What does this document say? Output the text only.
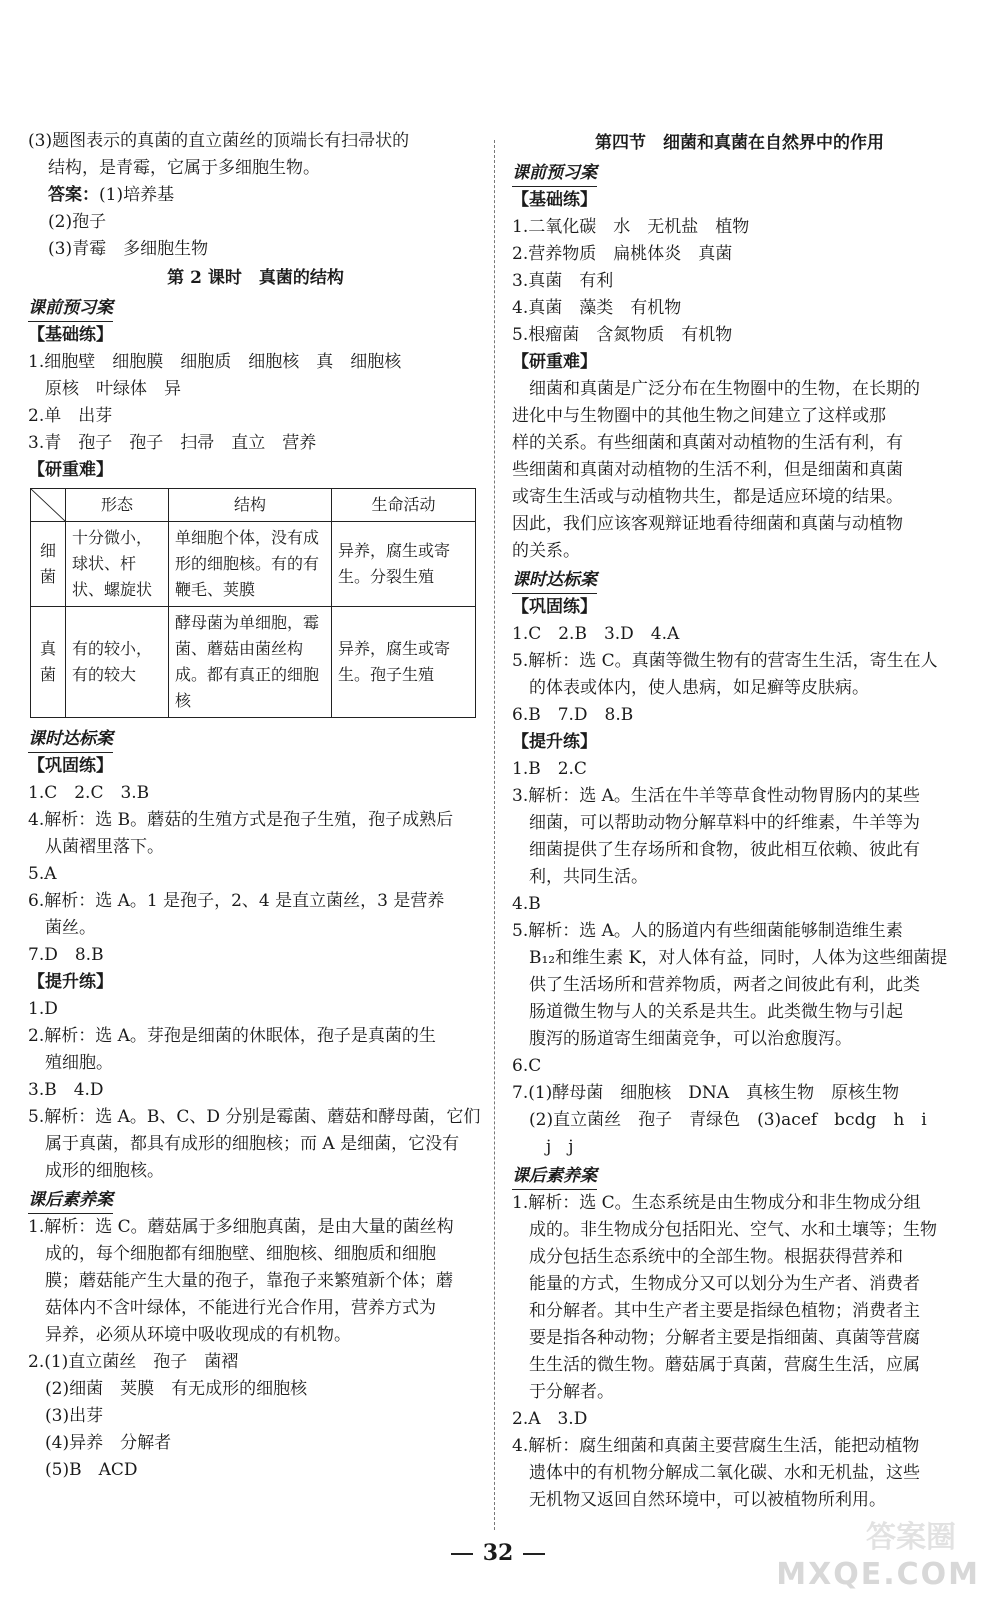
(3)题图表示的真菌的直立菌丝的顶端长有扫帚状的
结构，是青霉，它属于多细胞生物。
答案：(1)培养基
(2)孢子
(3)青霉　多细胞生物
第 2 课时　真菌的结构
课前预习案
【基础练】
1.细胞壁　细胞膜　细胞质　细胞核　真　细胞核
　原核　叶绿体　异
2.单　出芽
3.青　孢子　孢子　扫帚　直立　营养
【研重难】
	形态	结构	生命活动
细菌	十分微小，球状、杆状、螺旋状	单细胞个体，没有成形的细胞核。有的有鞭毛、荚膜	异养，腐生或寄生。分裂生殖
真菌	有的较小，有的较大	酵母菌为单细胞，霉菌、蘑菇由菌丝构成。都有真正的细胞核	异养，腐生或寄生。孢子生殖
课时达标案
【巩固练】
1.C　2.C　3.B
4.解析：选 B。蘑菇的生殖方式是孢子生殖，孢子成熟后
　从菌褶里落下。
5.A
6.解析：选 A。1 是孢子，2、4 是直立菌丝，3 是营养
　菌丝。
7.D　8.B
【提升练】
1.D
2.解析：选 A。芽孢是细菌的休眠体，孢子是真菌的生
　殖细胞。
3.B　4.D
5.解析：选 A。B、C、D 分别是霉菌、蘑菇和酵母菌，它们
　属于真菌，都具有成形的细胞核；而 A 是细菌，它没有
　成形的细胞核。
课后素养案
1.解析：选 C。蘑菇属于多细胞真菌，是由大量的菌丝构
　成的，每个细胞都有细胞壁、细胞核、细胞质和细胞
　膜；蘑菇能产生大量的孢子，靠孢子来繁殖新个体；蘑
　菇体内不含叶绿体，不能进行光合作用，营养方式为
　异养，必须从环境中吸收现成的有机物。
2.(1)直立菌丝　孢子　菌褶
　(2)细菌　荚膜　有无成形的细胞核
　(3)出芽
　(4)异养　分解者
　(5)B　ACD
第四节　细菌和真菌在自然界中的作用
课前预习案
【基础练】
1.二氧化碳　水　无机盐　植物
2.营养物质　扁桃体炎　真菌
3.真菌　有利
4.真菌　藻类　有机物
5.根瘤菌　含氮物质　有机物
【研重难】
　细菌和真菌是广泛分布在生物圈中的生物，在长期的
进化中与生物圈中的其他生物之间建立了这样或那
样的关系。有些细菌和真菌对动植物的生活有利，有
些细菌和真菌对动植物的生活不利，但是细菌和真菌
或寄生生活或与动植物共生，都是适应环境的结果。
因此，我们应该客观辩证地看待细菌和真菌与动植物
的关系。
课时达标案
【巩固练】
1.C　2.B　3.D　4.A
5.解析：选 C。真菌等微生物有的营寄生生活，寄生在人
　的体表或体内，使人患病，如足癣等皮肤病。
6.B　7.D　8.B
【提升练】
1.B　2.C
3.解析：选 A。生活在牛羊等草食性动物胃肠内的某些
　细菌，可以帮助动物分解草料中的纤维素，牛羊等为
　细菌提供了生存场所和食物，彼此相互依赖、彼此有
　利，共同生活。
4.B
5.解析：选 A。人的肠道内有些细菌能够制造维生素
　B₁₂和维生素 K，对人体有益，同时，人体为这些细菌提
　供了生活场所和营养物质，两者之间彼此有利，此类
　肠道微生物与人的关系是共生。此类微生物与引起
　腹泻的肠道寄生细菌竞争，可以治愈腹泻。
6.C
7.(1)酵母菌　细胞核　DNA　真核生物　原核生物
　(2)直立菌丝　孢子　青绿色　(3)acef　bcdg　h　i
　　j　j
课后素养案
1.解析：选 C。生态系统是由生物成分和非生物成分组
　成的。非生物成分包括阳光、空气、水和土壤等；生物
　成分包括生态系统中的全部生物。根据获得营养和
　能量的方式，生物成分又可以划分为生产者、消费者
　和分解者。其中生产者主要是指绿色植物；消费者主
　要是指各种动物；分解者主要是指细菌、真菌等营腐
　生生活的微生物。蘑菇属于真菌，营腐生生活，应属
　于分解者。
2.A　3.D
4.解析：腐生细菌和真菌主要营腐生生活，能把动植物
　遗体中的有机物分解成二氧化碳、水和无机盐，这些
　无机物又返回自然环境中，可以被植物所利用。
32	答案圈
MXQE.COM
